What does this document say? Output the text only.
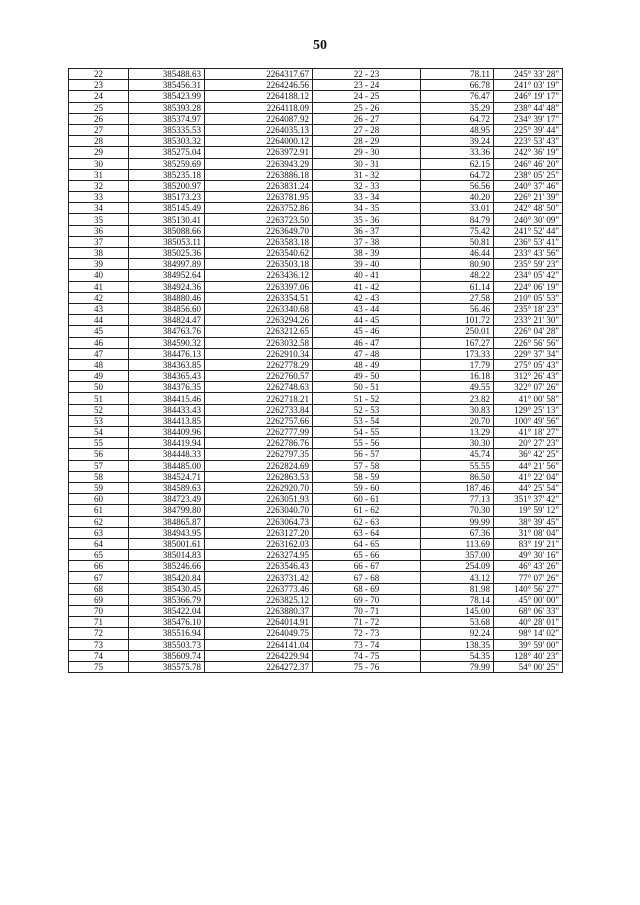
50
22	385488.63	2264317.67	22 - 23	78.11	245° 33' 28"
23	385456.31	2264246.56	23 - 24	66.78	241° 03' 19"
24	385423.99	2264188.12	24 - 25	76.47	246° 19' 17"
25	385393.28	2264118.09	25 - 26	35.29	238° 44' 48"
26	385374.97	2264087.92	26 - 27	64.72	234° 39' 17"
27	385335.53	2264035.13	27 - 28	48.95	225° 39' 44"
28	385303.32	2264000.12	28 - 29	39.24	223° 53' 43"
29	385275.04	2263972.91	29 - 30	33.36	242° 36' 19"
30	385259.69	2263943.29	30 - 31	62.15	246° 46' 20"
31	385235.18	2263886.18	31 - 32	64.72	238° 05' 25"
32	385200.97	2263831.24	32 - 33	56.56	240° 37' 46"
33	385173.23	2263781.95	33 - 34	40.20	226° 21' 39"
34	385145.49	2263752.86	34 - 35	33.01	242° 48' 50"
35	385130.41	2263723.50	35 - 36	84.79	240° 30' 09"
36	385088.66	2263649.70	36 - 37	75.42	241° 52' 44"
37	385053.11	2263583.18	37 - 38	50.81	236° 53' 41"
38	385025.36	2263540.62	38 - 39	46.44	233° 43' 56"
39	384997.89	2263503.18	39 - 40	80.90	235° 59' 23"
40	384952.64	2263436.12	40 - 41	48.22	234° 05' 42"
41	384924.36	2263397.06	41 - 42	61.14	224° 06' 19"
42	384880.46	2263354.51	42 - 43	27.58	210° 05' 53"
43	384856.60	2263340.68	43 - 44	56.46	235° 18' 23"
44	384824.47	2263294.26	44 - 45	101.72	233° 21' 30"
45	384763.76	2263212.65	45 - 46	250.01	226° 04' 28"
46	384590.32	2263032.58	46 - 47	167.27	226° 56' 56"
47	384476.13	2262910.34	47 - 48	173.33	229° 37' 34"
48	384363.85	2262778.29	48 - 49	17.79	275° 05' 43"
49	384365.43	2262760.57	49 - 50	16.18	312° 26' 43"
50	384376.35	2262748.63	50 - 51	49.55	322° 07' 26"
51	384415.46	2262718.21	51 - 52	23.82	41° 00' 58"
52	384433.43	2262733.84	52 - 53	30.83	129° 25' 13"
53	384413.85	2262757.66	53 - 54	20.70	100° 49' 56"
54	384409.96	2262777.99	54 - 55	13.29	41° 18' 27"
55	384419.94	2262786.76	55 - 56	30.30	20° 27' 23"
56	384448.33	2262797.35	56 - 57	45.74	36° 42' 25"
57	384485.00	2262824.69	57 - 58	55.55	44° 21' 56"
58	384524.71	2262863.53	58 - 59	86.50	41° 22' 04"
59	384589.63	2262920.70	59 - 60	187.46	44° 25' 54"
60	384723.49	2263051.93	60 - 61	77.13	351° 37' 42"
61	384799.80	2263040.70	61 - 62	70.30	19° 59' 12"
62	384865.87	2263064.73	62 - 63	99.99	38° 39' 45"
63	384943.95	2263127.20	63 - 64	67.36	31° 08' 04"
64	385001.61	2263162.03	64 - 65	113.69	83° 19' 21"
65	385014.83	2263274.95	65 - 66	357.00	49° 30' 16"
66	385246.66	2263546.43	66 - 67	254.09	46° 43' 26"
67	385420.84	2263731.42	67 - 68	43.12	77° 07' 26"
68	385430.45	2263773.46	68 - 69	81.98	140° 56' 27"
69	385366.79	2263825.12	69 - 70	78.14	45° 00' 00"
70	385422.04	2263880.37	70 - 71	145.00	68° 06' 33"
71	385476.10	2264014.91	71 - 72	53.68	40° 28' 01"
72	385516.94	2264049.75	72 - 73	92.24	98° 14' 02"
73	385503.73	2264141.04	73 - 74	138.35	39° 59' 00"
74	385609.74	2264229.94	74 - 75	54.35	128° 40' 23"
75	385575.78	2264272.37	75 - 76	79.99	54° 00' 25"
